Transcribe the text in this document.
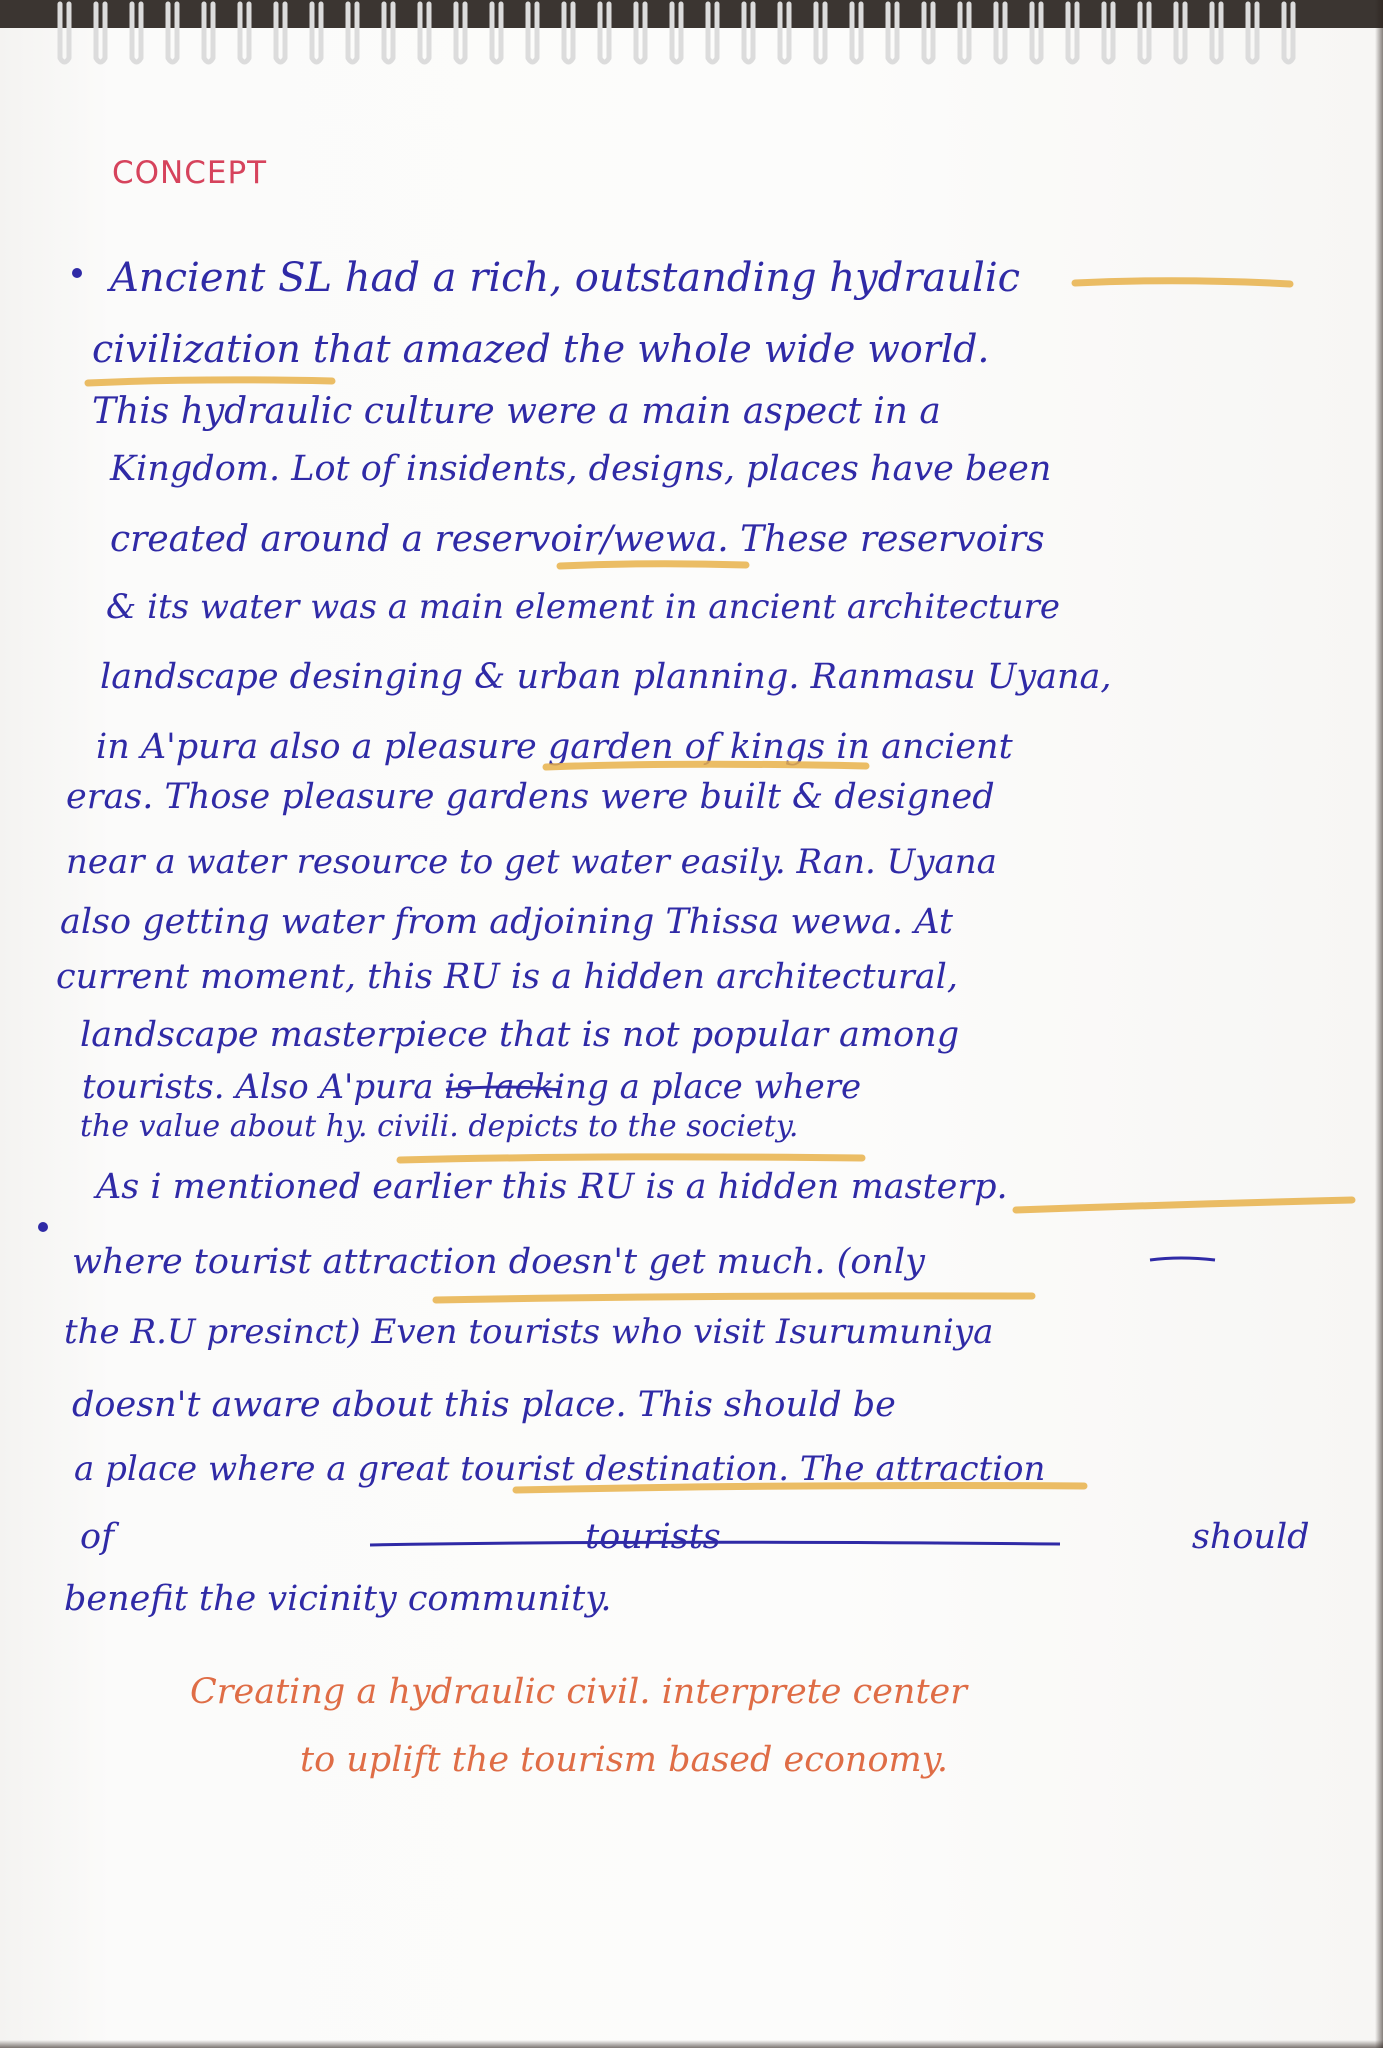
CONCEPT
Ancient SL had a rich, outstanding hydraulic
civilization that amazed the whole wide world.
This hydraulic culture were a main aspect in a
Kingdom. Lot of insidents, designs, places have been
created around a reservoir/wewa. These reservoirs
& its water was a main element in ancient architecture
landscape desinging & urban planning. Ranmasu Uyana,
in A'pura also a pleasure garden of kings in ancient
eras. Those pleasure gardens were built & designed
near a water resource to get water easily. Ran. Uyana
also getting water from adjoining Thissa wewa. At
current moment, this RU is a hidden architectural,
landscape masterpiece that is not popular among
tourists. Also A'pura is lacking a place where
the value about hy. civili. depicts to the society.
As i mentioned earlier this RU is a hidden masterp.
where tourist attraction doesn't get much. (only
the R.U presinct) Even tourists who visit Isurumuniya
doesn't aware about this place. This should be
a place where a great tourist destination. The attraction
of tourists should
benefit the vicinity community.
Creating a hydraulic civil. interprete center
to uplift the tourism based economy.
